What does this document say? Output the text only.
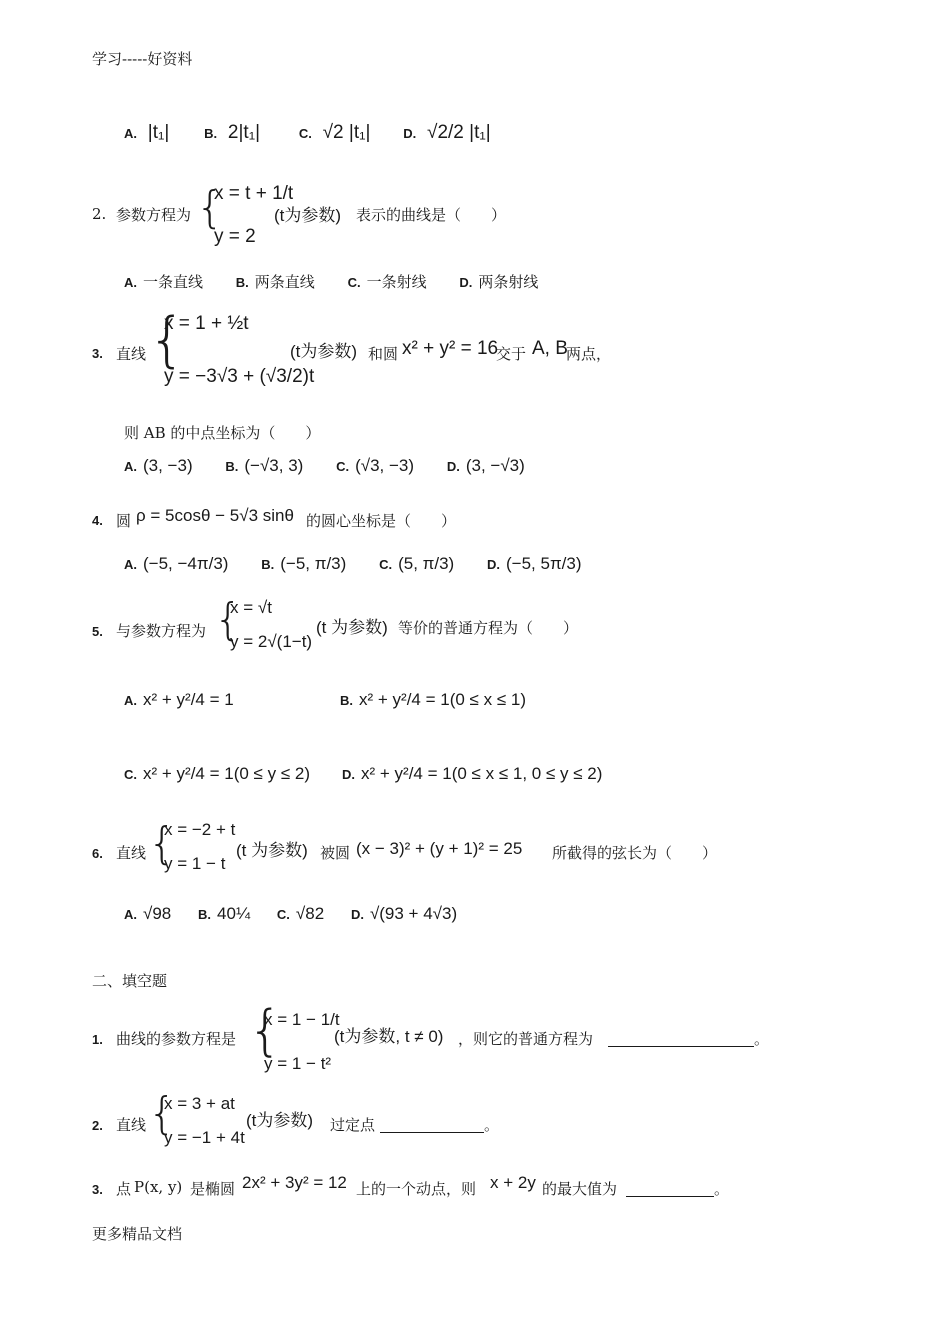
学习-----好资料
更多精品文档
A. |t₁|	B. 2|t₁|	C. √2 |t₁|	D. √2/2 |t₁|
2. 参数方程为 {
x = t + 1/t
y = 2
(t为参数) 表示的曲线是（　　）
A. 一条直线	B. 两条直线	C. 一条射线	D. 两条射线
3. 直线 {
x = 1 + ½t
y = −3√3 + (√3/2)t
(t为参数) 和圆 x² + y² = 16
交于 A, B
两点，
则 AB 的中点坐标为（　　）
A. (3, −3)	B. (−√3, 3)	C. (√3, −3)	D. (3, −√3)
4. 圆 ρ = 5cosθ − 5√3 sinθ 的圆心坐标是（　　）
A. (−5, −4π/3)	B. (−5, π/3)	C. (5, π/3)	D. (−5, 5π/3)
5. 与参数方程为 {
x = √t
y = 2√(1−t)
(t 为参数) 等价的普通方程为（　　）
A. x² + y²/4 = 1	B. x² + y²/4 = 1(0 ≤ x ≤ 1)
C. x² + y²/4 = 1(0 ≤ y ≤ 2) D. x² + y²/4 = 1(0 ≤ x ≤ 1, 0 ≤ y ≤ 2)
6. 直线 {
x = −2 + t
y = 1 − t
(t 为参数) 被圆 (x − 3)² + (y + 1)² = 25 所截得的弦长为（　　）
A. √98 B. 40¼ C. √82 D. √(93 + 4√3)
二、填空题
1. 曲线的参数方程是 {
x = 1 − 1/t
y = 1 − t²
(t为参数, t ≠ 0) ，则它的普通方程为	。
2. 直线 {
x = 3 + at
y = −1 + 4t
(t为参数) 过定点	。
3. 点 P(x, y) 是椭圆 2x² + 3y² = 12 上的一个动点，则 x + 2y 的最大值为	。
